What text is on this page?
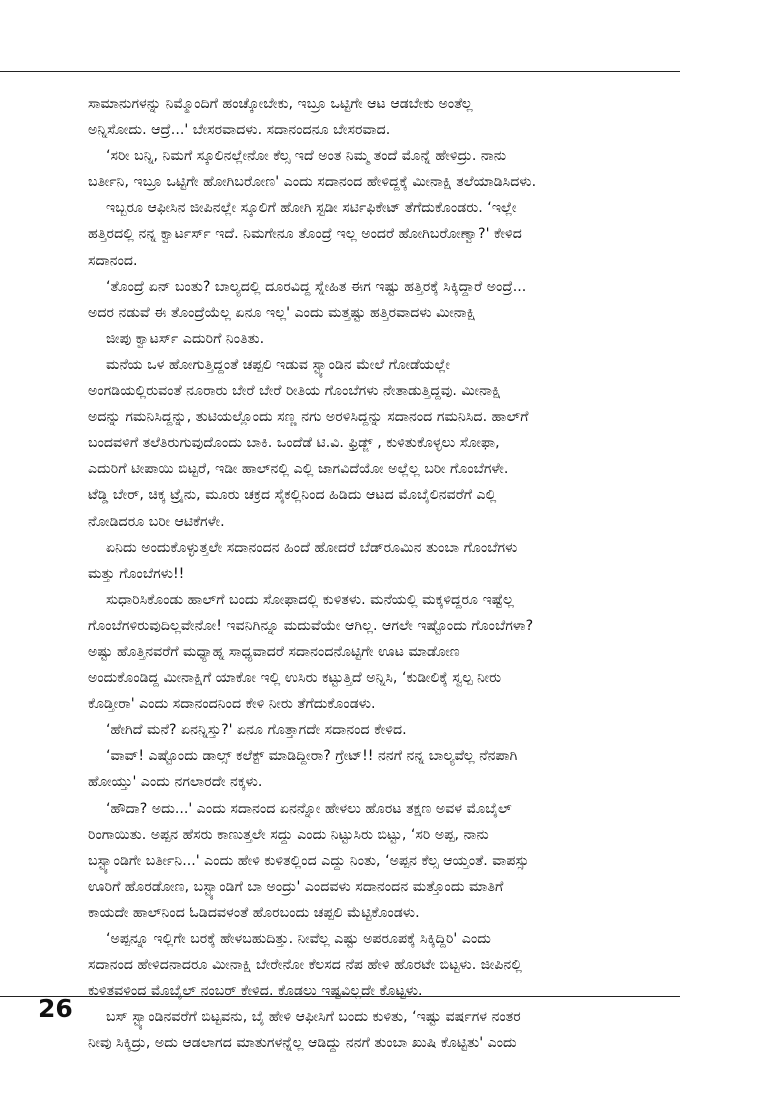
ಸಾಮಾನುಗಳನ್ನು ನಿಮ್ಮೊಂದಿಗೆ ಹಂಚ್ಕೋಬೇಕು, ಇಬ್ರೂ ಒಟ್ಟಿಗೇ ಆಟ ಆಡಬೇಕು ಅಂತೆಲ್ಲ
ಅನ್ನಿಸೋದು. ಆದ್ರೆ...' ಬೇಸರವಾದಳು. ಸದಾನಂದನೂ ಬೇಸರವಾದ.
‘ಸರೀ ಬನ್ನಿ, ನಿಮಗೆ ಸ್ಕೂಲಿನಲ್ಲೇನೋ ಕೆಲ್ಸ ಇದೆ ಅಂತ ನಿಮ್ಮ ತಂದೆ ಮೊನ್ನೆ ಹೇಳಿದ್ರು. ನಾನು
ಬರ್ತೀನಿ, ಇಬ್ರೂ ಒಟ್ಟಿಗೇ ಹೋಗಿಬರೋಣ' ಎಂದು ಸದಾನಂದ ಹೇಳಿದ್ದಕ್ಕೆ ಮೀನಾಕ್ಷಿ ತಲೆಯಾಡಿಸಿದಳು.
ಇಬ್ಬರೂ ಆಫೀಸಿನ ಜೀಪಿನಲ್ಲೇ ಸ್ಕೂಲಿಗೆ ಹೋಗಿ ಸ್ಟಡೀ ಸರ್ಟಿಫಿಕೇಟ್ ತೆಗೆದುಕೊಂಡರು. ‘ಇಲ್ಲೇ
ಹತ್ತಿರದಲ್ಲಿ ನನ್ನ ಕ್ವಾರ್ಟರ್ಸ್ ಇದೆ. ನಿಮಗೇನೂ ತೊಂದ್ರೆ ಇಲ್ಲ ಅಂದರೆ ಹೋಗಿಬರೋಣ್ವಾ?' ಕೇಳಿದ
ಸದಾನಂದ.
‘ತೊಂದ್ರೆ ಏನ್ ಬಂತು? ಬಾಲ್ಯದಲ್ಲಿ ದೂರವಿದ್ದ ಸ್ನೇಹಿತ ಈಗ ಇಷ್ಟು ಹತ್ತಿರಕ್ಕೆ ಸಿಕ್ಕಿದ್ದಾರೆ ಅಂದ್ರೆ...
ಅದರ ನಡುವೆ ಈ ತೊಂದ್ರೆಯೆಲ್ಲ ಏನೂ ಇಲ್ಲ' ಎಂದು ಮತ್ತಷ್ಟು ಹತ್ತಿರವಾದಳು ಮೀನಾಕ್ಷಿ
ಜೀಪು ಕ್ವಾಟರ್ಸ್ ಎದುರಿಗೆ ನಿಂತಿತು.
ಮನೆಯ ಒಳ ಹೋಗುತ್ತಿದ್ದಂತೆ ಚಪ್ಪಲಿ ಇಡುವ ಸ್ಟ್ಯಾಂಡಿನ ಮೇಲೆ ಗೋಡೆಯಲ್ಲೇ
ಅಂಗಡಿಯಲ್ಲಿರುವಂತೆ ನೂರಾರು ಬೇರೆ ಬೇರೆ ರೀತಿಯ ಗೊಂಬೆಗಳು ನೇತಾಡುತ್ತಿದ್ದವು. ಮೀನಾಕ್ಷಿ
ಅದನ್ನು ಗಮನಿಸಿದ್ದನ್ನು, ತುಟಿಯಲ್ಲೊಂದು ಸಣ್ಣ ನಗು ಅರಳಿಸಿದ್ದನ್ನು ಸದಾನಂದ ಗಮನಿಸಿದ. ಹಾಲ್‌ಗೆ
ಬಂದವಳಿಗೆ ತಲೆತಿರುಗುವುದೊಂದು ಬಾಕಿ. ಒಂದೆಡೆ ಟಿ.ವಿ. ಫ್ರಿಡ್ಜ್ , ಕುಳಿತುಕೊಳ್ಳಲು ಸೋಫಾ,
ಎದುರಿಗೆ ಟೀಪಾಯಿ ಬಿಟ್ಟರೆ, ಇಡೀ ಹಾಲ್‌ನಲ್ಲಿ ಎಲ್ಲಿ ಜಾಗವಿದೆಯೋ ಅಲ್ಲೆಲ್ಲ ಬರೀ ಗೊಂಬೆಗಳೇ.
ಟೆಡ್ಡಿ ಬೇರ್, ಚಿಕ್ಕ ಟ್ರೈನು, ಮೂರು ಚಕ್ರದ ಸೈಕಲ್ಲಿನಿಂದ ಹಿಡಿದು ಆಟದ ಮೊಬೈಲಿನವರೆಗೆ ಎಲ್ಲಿ
ನೋಡಿದರೂ ಬರೀ ಆಟಿಕೆಗಳೇ.
ಏನಿದು ಅಂದುಕೊಳ್ಳುತ್ತಲೇ ಸದಾನಂದನ ಹಿಂದೆ ಹೋದರೆ ಬೆಡ್‌ರೂಮಿನ ತುಂಬಾ ಗೊಂಬೆಗಳು
ಮತ್ತು ಗೊಂಬೆಗಳು!!
ಸುಧಾರಿಸಿಕೊಂಡು ಹಾಲ್‌ಗೆ ಬಂದು ಸೋಫಾದಲ್ಲಿ ಕುಳಿತಳು. ಮನೆಯಲ್ಲಿ ಮಕ್ಕಳಿದ್ದರೂ ಇಷ್ಟೆಲ್ಲ
ಗೊಂಬೆಗಳಿರುವುದಿಲ್ಲವೇನೋ! ಇವನಿಗಿನ್ನೂ ಮದುವೆಯೇ ಆಗಿಲ್ಲ. ಆಗಲೇ ಇಷ್ಟೊಂದು ಗೊಂಬೆಗಳಾ?
ಅಷ್ಟು ಹೊತ್ತಿನವರೆಗೆ ಮಧ್ಯಾಹ್ನ ಸಾಧ್ಯವಾದರೆ ಸದಾನಂದನೊಟ್ಟಿಗೇ ಊಟ ಮಾಡೋಣ
ಅಂದುಕೊಂಡಿದ್ದ ಮೀನಾಕ್ಷಿಗೆ ಯಾಕೋ ಇಲ್ಲಿ ಉಸಿರು ಕಟ್ಟುತ್ತಿದೆ ಅನ್ನಿಸಿ, ‘ಕುಡೀಲಿಕ್ಕೆ ಸ್ವಲ್ಪ ನೀರು
ಕೊಡ್ತೀರಾ' ಎಂದು ಸದಾನಂದನಿಂದ ಕೇಳಿ ನೀರು ತೆಗೆದುಕೊಂಡಳು.
‘ಹೇಗಿದೆ ಮನೆ? ಏನನ್ನಿಸ್ತು?' ಏನೂ ಗೊತ್ತಾಗದೇ ಸದಾನಂದ ಕೇಳಿದ.
‘ವಾವ್! ಎಷ್ಟೊಂದು ಡಾಲ್ಸ್ ಕಲೆಕ್ಟ್ ಮಾಡಿದ್ದೀರಾ? ಗ್ರೇಟ್!! ನನಗೆ ನನ್ನ ಬಾಲ್ಯವೆಲ್ಲ ನೆನಪಾಗಿ
ಹೋಯ್ತು' ಎಂದು ನಗಲಾರದೇ ನಕ್ಕಳು.
‘ಹೌದಾ? ಅದು...' ಎಂದು ಸದಾನಂದ ಏನನ್ನೋ ಹೇಳಲು ಹೊರಟ ತಕ್ಷಣ ಅವಳ ಮೊಬೈಲ್
ರಿಂಗಾಯಿತು. ಅಪ್ಪನ ಹೆಸರು ಕಾಣುತ್ತಲೇ ಸದ್ದು ಎಂದು ನಿಟ್ಟುಸಿರು ಬಿಟ್ಟು, ‘ಸರಿ ಅಪ್ಪ, ನಾನು
ಬಸ್ಟ್ಯಾಂಡಿಗೇ ಬರ್ತೀನಿ...' ಎಂದು ಹೇಳಿ ಕುಳಿತಲ್ಲಿಂದ ಎದ್ದು ನಿಂತು, ‘ಅಪ್ಪನ ಕೆಲ್ಸ ಆಯ್ತಂತೆ. ವಾಪಸ್ಸು
ಊರಿಗೆ ಹೊರಡೋಣ, ಬಸ್ಟ್ಯಾಂಡಿಗೆ ಬಾ ಅಂದ್ರು' ಎಂದವಳು ಸದಾನಂದನ ಮತ್ತೊಂದು ಮಾತಿಗೆ
ಕಾಯದೇ ಹಾಲ್‌ನಿಂದ ಓಡಿದವಳಂತೆ ಹೊರಬಂದು ಚಪ್ಪಲಿ ಮೆಟ್ಟಿಕೊಂಡಳು.
‘ಅಪ್ಪನ್ನೂ ಇಲ್ಲಿಗೇ ಬರಕ್ಕೆ ಹೇಳಬಹುದಿತ್ತು. ನೀವೆಲ್ಲ ಎಷ್ಟು ಅಪರೂಪಕ್ಕೆ ಸಿಕ್ಕಿದ್ದಿರಿ' ಎಂದು
ಸದಾನಂದ ಹೇಳಿದನಾದರೂ ಮೀನಾಕ್ಷಿ ಬೇರೇನೋ ಕೆಲಸದ ನೆಪ ಹೇಳಿ ಹೊರಟೇ ಬಿಟ್ಟಳು. ಜೀಪಿನಲ್ಲಿ
ಕುಳಿತವಳಿಂದ ಮೊಬೈಲ್ ನಂಬರ್ ಕೇಳಿದ. ಕೊಡಲು ಇಷ್ಟವಿಲ್ಲದೇ ಕೊಟ್ಟಳು.
ಬಸ್ ಸ್ಟ್ಯಾಂಡಿನವರೆಗೆ ಬಿಟ್ಟವನು, ಬೈ ಹೇಳಿ ಆಫೀಸಿಗೆ ಬಂದು ಕುಳಿತು, ‘ಇಷ್ಟು ವರ್ಷಗಳ ನಂತರ
ನೀವು ಸಿಕ್ಕಿದ್ರು, ಅದು ಆಡಲಾಗದ ಮಾತುಗಳನ್ನೆಲ್ಲ ಆಡಿದ್ದು ನನಗೆ ತುಂಬಾ ಖುಷಿ ಕೊಟ್ಟಿತು' ಎಂದು
26
